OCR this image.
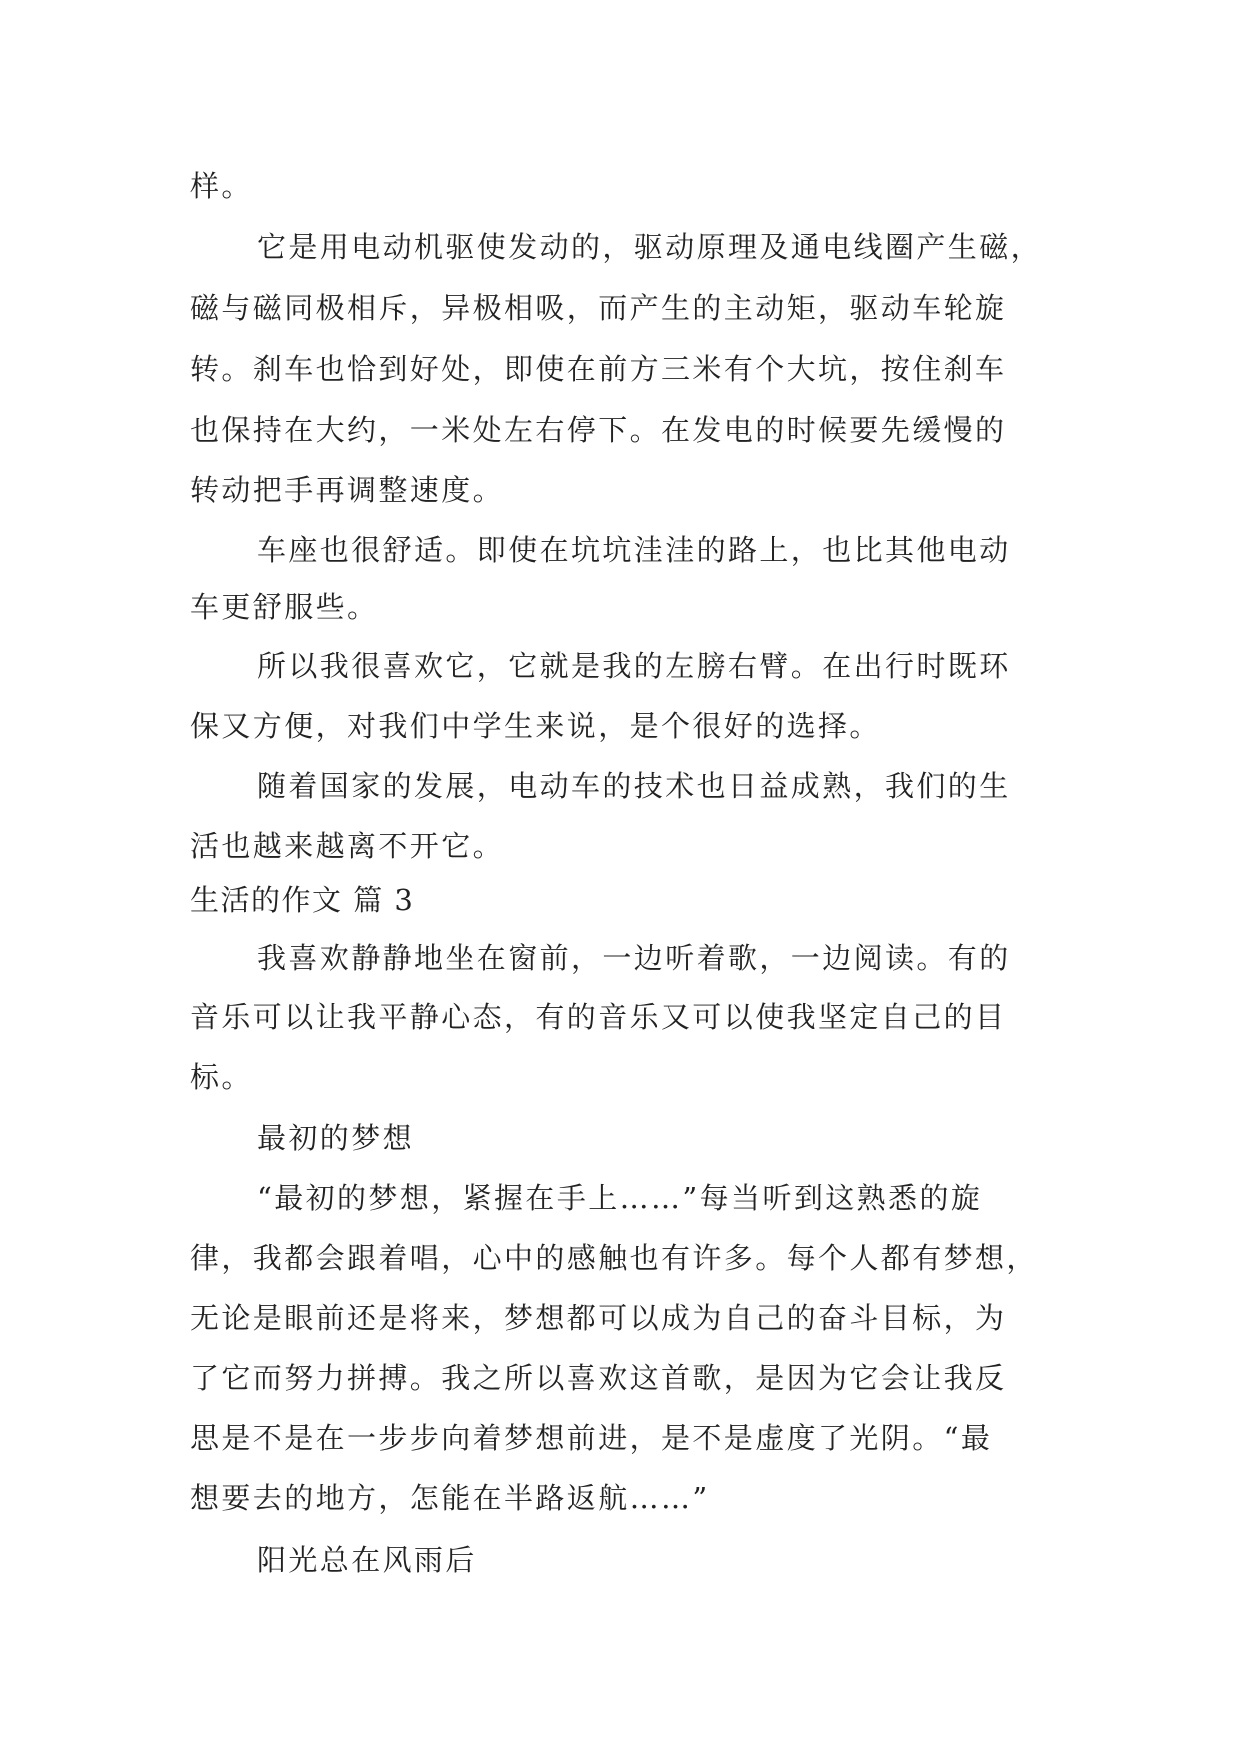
样。
它是用电动机驱使发动的，驱动原理及通电线圈产生磁，
磁与磁同极相斥，异极相吸，而产生的主动矩，驱动车轮旋
转。刹车也恰到好处，即使在前方三米有个大坑，按住刹车
也保持在大约，一米处左右停下。在发电的时候要先缓慢的
转动把手再调整速度。
车座也很舒适。即使在坑坑洼洼的路上，也比其他电动
车更舒服些。
所以我很喜欢它，它就是我的左膀右臂。在出行时既环
保又方便，对我们中学生来说，是个很好的选择。
随着国家的发展，电动车的技术也日益成熟，我们的生
活也越来越离不开它。
生活的作文 篇 3
我喜欢静静地坐在窗前，一边听着歌，一边阅读。有的
音乐可以让我平静心态，有的音乐又可以使我坚定自己的目
标。
最初的梦想
“最初的梦想，紧握在手上……”每当听到这熟悉的旋
律，我都会跟着唱，心中的感触也有许多。每个人都有梦想，
无论是眼前还是将来，梦想都可以成为自己的奋斗目标，为
了它而努力拼搏。我之所以喜欢这首歌，是因为它会让我反
思是不是在一步步向着梦想前进，是不是虚度了光阴。“最
想要去的地方，怎能在半路返航……”
阳光总在风雨后
